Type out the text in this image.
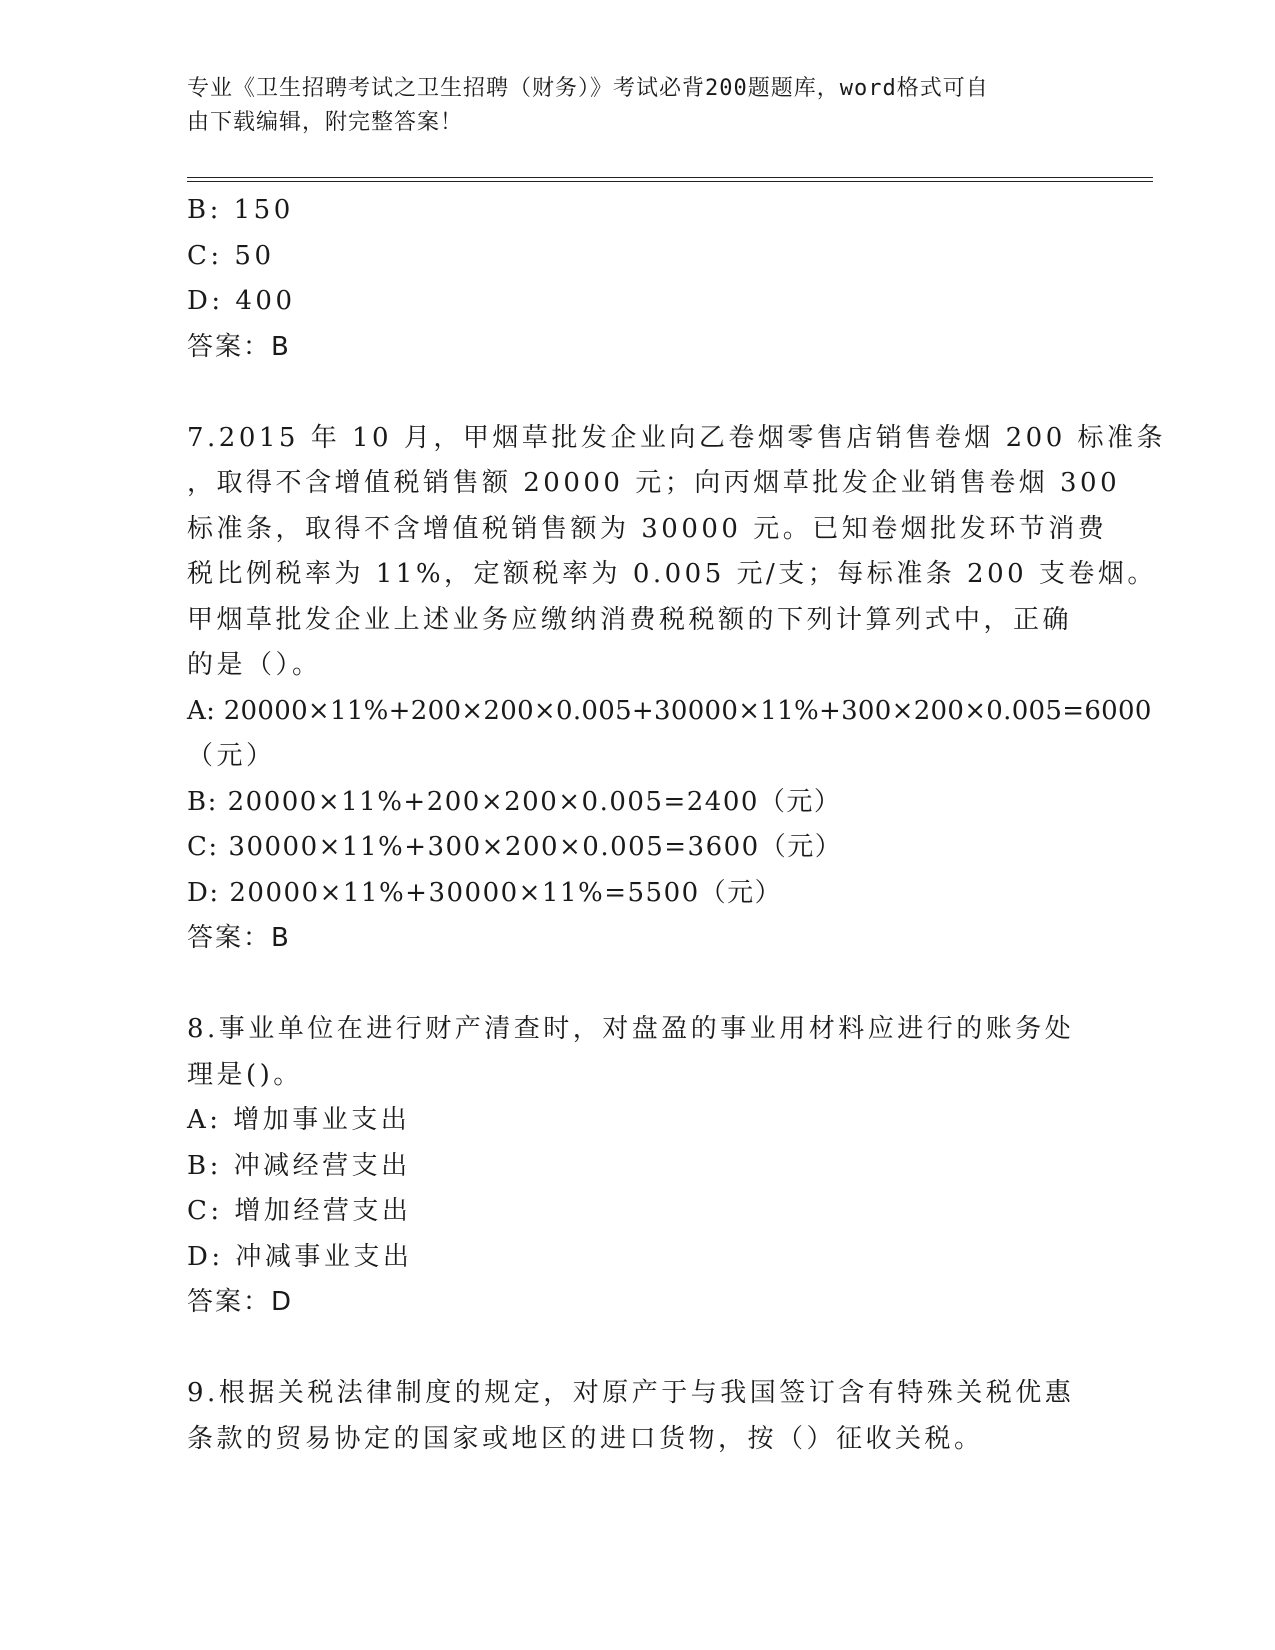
专业《卫生招聘考试之卫生招聘（财务）》考试必背200题题库，word格式可自
由下载编辑，附完整答案！
B: 150
C: 50
D: 400
答案：B
7.2015 年 10 月，甲烟草批发企业向乙卷烟零售店销售卷烟 200 标准条
，取得不含增值税销售额 20000 元；向丙烟草批发企业销售卷烟 300
标准条，取得不含增值税销售额为 30000 元。已知卷烟批发环节消费
税比例税率为 11%，定额税率为 0.005 元/支；每标准条 200 支卷烟。
甲烟草批发企业上述业务应缴纳消费税税额的下列计算列式中，正确
的是（）。
A: 20000×11%+200×200×0.005+30000×11%+300×200×0.005=6000
（元）
B: 20000×11%+200×200×0.005=2400（元）
C: 30000×11%+300×200×0.005=3600（元）
D: 20000×11%+30000×11%=5500（元）
答案：B
8.事业单位在进行财产清查时，对盘盈的事业用材料应进行的账务处
理是()。
A: 增加事业支出
B: 冲减经营支出
C: 增加经营支出
D: 冲减事业支出
答案：D
9.根据关税法律制度的规定，对原产于与我国签订含有特殊关税优惠
条款的贸易协定的国家或地区的进口货物，按（）征收关税。
